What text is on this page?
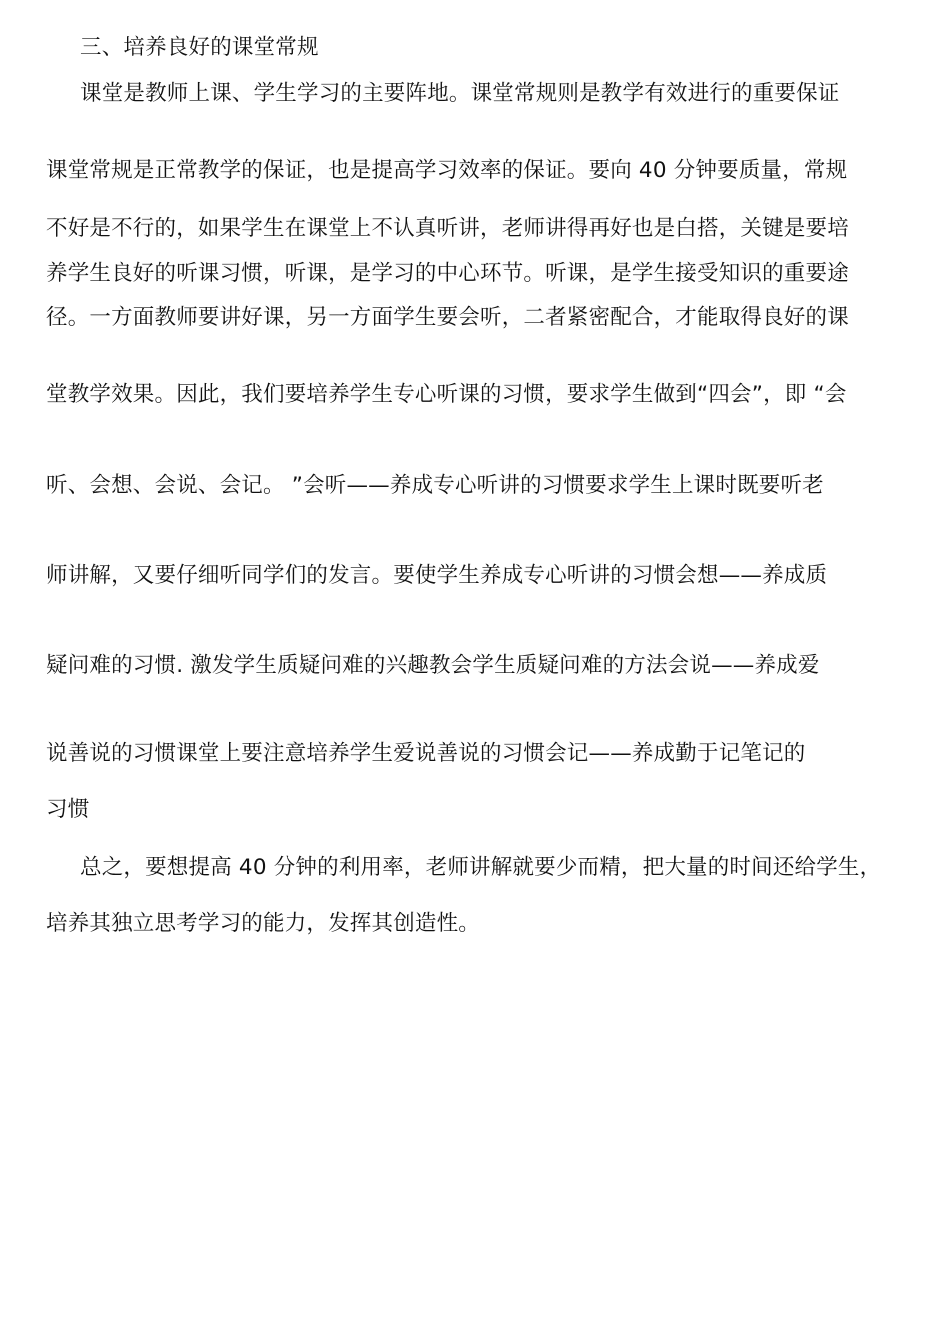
三、培养良好的课堂常规
课堂是教师上课、学生学习的主要阵地。课堂常规则是教学有效进行的重要保证
课堂常规是正常教学的保证，也是提高学习效率的保证。要向 40 分钟要质量，常规
不好是不行的，如果学生在课堂上不认真听讲，老师讲得再好也是白搭，关键是要培
养学生良好的听课习惯，听课，是学习的中心环节。听课，是学生接受知识的重要途
径。一方面教师要讲好课，另一方面学生要会听，二者紧密配合，才能取得良好的课
堂教学效果。因此，我们要培养学生专心听课的习惯，要求学生做到“四会”，即 “会
听、会想、会说、会记。 ”会听——养成专心听讲的习惯要求学生上课时既要听老
师讲解，又要仔细听同学们的发言。要使学生养成专心听讲的习惯会想——养成质
疑问难的习惯. 激发学生质疑问难的兴趣教会学生质疑问难的方法会说——养成爱
说善说的习惯课堂上要注意培养学生爱说善说的习惯会记——养成勤于记笔记的
习惯
总之，要想提高 40 分钟的利用率，老师讲解就要少而精，把大量的时间还给学生，
培养其独立思考学习的能力，发挥其创造性。
